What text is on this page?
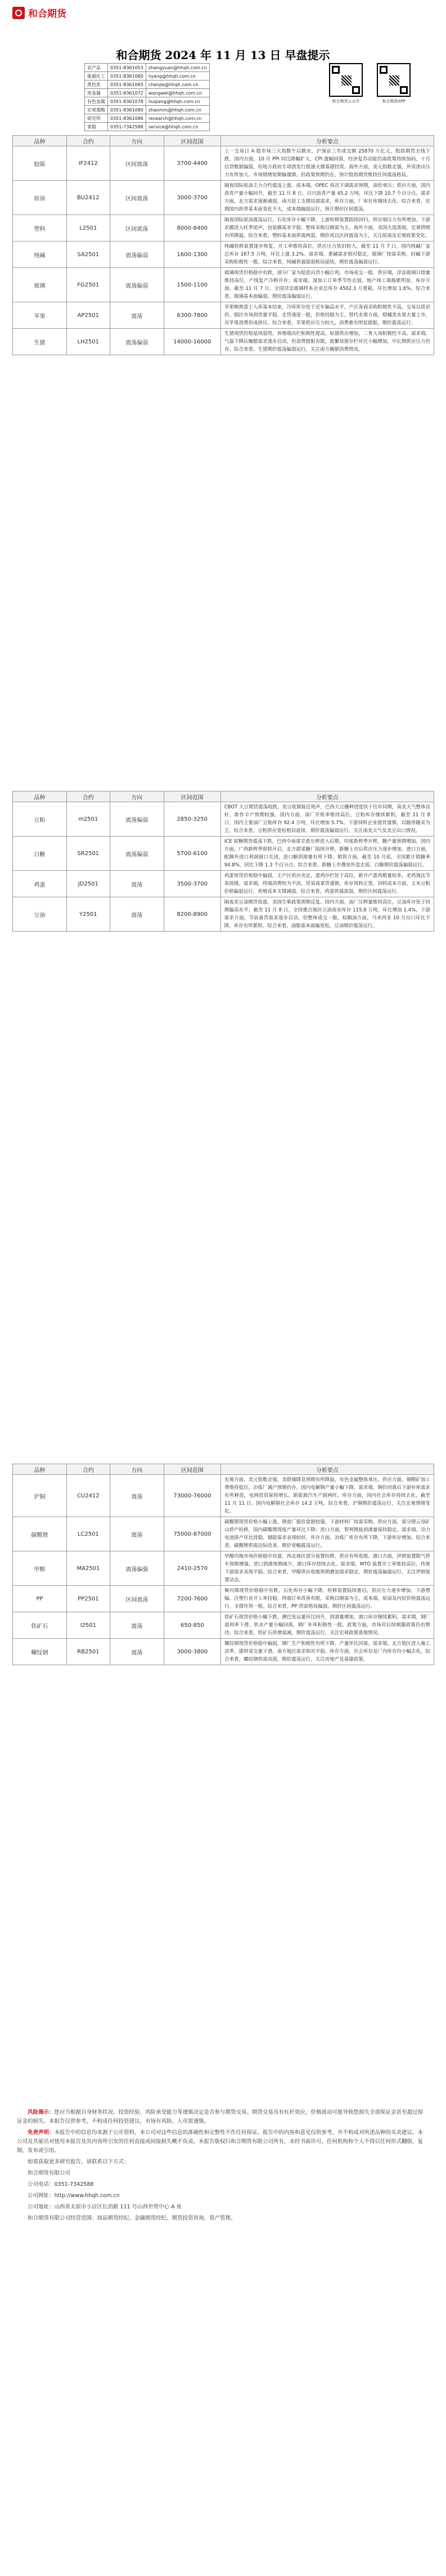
和合期货
和合期货 2024 年 11 月 13 日 早盘提示
农产品	0351-8361053	zhangyuan@hhqh.com.cn
能源化工	0351-8361060	liyang@hhqh.com.cn
黑色系	0351-8361065	chenjie@hhqh.com.cn
贵金属	0351-8361072	wangwei@hhqh.com.cn
有色金属	0351-8361078	liuqiang@hhqh.com.cn
宏观策略	0351-8361080	zhaomin@hhqh.com.cn
研究所	0351-8361086	research@hhqh.com.cn
客服	0351-7342588	service@hhqh.com.cn
和合期货公众号	和合期货APP
品种	合约	方向	区间范围	分析要点
胶版	IF2412	区间震荡	3700-4400	上一交易日 A 股市场三大指数午后跳水，沪深京三市成交额 25870 万亿元，股指期货全线下跌，国内方面，10 月 PPI 同比降幅扩大，CPI 涨幅回落，经济复苏动能仍需政策持续加码，十月信贷数据偏弱，但地方政府专项债发行提速支撑基建投资。海外方面，美元指数走强，外资流出压力有所加大。市场情绪短期偏谨慎，但政策预期仍在，预计股指期货维持区间震荡格局。
原油	BU2412	区间震荡	3000-3700	隔夜国际原油主力合约震荡上涨。成本端，OPEC 再次下调需求预期，油价承压；供应方面，国内沥青产量小幅回升，截至 11 月 8 日，百川沥青产量 45.2 万吨，环比下降 10.7 个百分点。需求方面，北方需求逐渐减弱，南方赶工支撑局部需求，库存方面，厂库社库继续去化。综合来看，近期国内沥青基本面变化不大，成本端偏弱运行，预计期价区间震荡。
塑料	L2501	区间震荡	8000-8400	隔夜国际原油震荡运行，石化库存小幅下降，上游检修装置陆续回归，供应端压力有所增加。下游农膜进入旺季尾声，包装膜需求平稳，整体采购以刚需为主。海外方面，美国大选落地，宏观情绪有所降温。综合来看，塑料基本面供需两弱，期价或以区间震荡为主，关注原油及宏观政策变化。
纯碱	SA2501	震荡偏弱	1600-1300	纯碱检修装置逐步恢复，开工率维持高位，供应压力依旧较大。截至 11 月 7 日，国内纯碱厂家总库存 167.5 万吨，环比上涨 3.2%。需求端，重碱需求相对稳定，玻璃厂按需采购，轻碱下游采购积极性一般。综合来看，纯碱供强需弱格局延续，期价震荡偏弱运行。
玻璃	FG2501	震荡偏弱	1500-1100	玻璃现货价格稳中有跌，部分厂家为促进出货小幅让利，市场成交一般。供应端，浮法玻璃日熔量维持高位，产线复产冷修并存；需求端，深加工订单季节性走弱，地产竣工端拖累明显。库存方面，截至 11 月 7 日，全国浮法玻璃样本企业总库存 4502.3 万重箱，环比增加 1.6%。综合来看，玻璃基本面偏弱，期价震荡偏弱运行。
苹果	AP2501	震荡	6300-7800	苹果晚熟富士入库基本结束，冷库库存处于近年偏高水平，产区客商采购积极性不高，交易以质论价。销区市场到货量平稳，走货速度一般，价格持稳为主。替代水果方面，柑橘类水果大量上市，对苹果消费形成挤压。综合来看，苹果供应压力较大，消费难有明显提振，期价震荡运行。
生猪	LH2501	震荡偏弱	14000-16000	生猪现货价格延续弱势，养殖端出栏积极性提高，标猪供应增加，二育入场积极性不高。需求端，气温下降后腌腊需求逐步启动，但消费提振有限。能繁母猪存栏环比小幅增加，中长期供应压力仍存。综合来看，生猪期价震荡偏弱运行，关注南方腌腊消费情况。
品种	合约	方向	区间范围	分析要点
豆粕	m2501	震荡偏弱	2850-3250	CBOT 大豆期货震荡收跌，美豆收割接近尾声，巴西大豆播种进度快于往年同期，南美天气整体良好，新作丰产预期较强。国内方面，油厂开机率维持高位，豆粕库存继续累积，截至 11 月 8 日，国内主要油厂豆粕库存 92.4 万吨，环比增加 5.7%。下游饲料企业提货谨慎，以随用随采为主。综合来看，豆粕供应宽松格局延续，期价震荡偏弱运行，关注南美天气及美豆出口情况。
白糖	SR2501	震荡偏弱	5700-6100	ICE 原糖期货震荡下跌，巴西中南部甘蔗压榨进入后期，印度新榨季开榨，糖产量预期增加。国内方面，广西新榨季即将开启，北方甜菜糖厂陆续开榨，新糖上市后供应压力逐步增加。进口方面，配额外进口利润窗口关闭，进口糖到港量有所下降。销售方面，截至 10 月底，全国累计销糖率 94.8%，同比下降 1.3 个百分点。综合来看，新糖上市叠加外盘走弱，白糖期价震荡偏弱运行。
鸡蛋	JD2501	震荡	3500-3700	鸡蛋现货价格稳中偏弱，主产区供应充足，蛋鸡存栏处于高位，新开产蛋鸡数量较多，老鸡淘汰节奏放缓。需求端，终端消费较为平淡，贸易商拿货谨慎，库存周转正常。饲料成本方面，玉米豆粕价格偏弱运行，养殖成本支撑减弱。综合来看，鸡蛋供强需弱，期价区间震荡运行。
豆油	Y2501	震荡	8200-8900	隔夜美豆油期货收涨，美国生柴政策预期反复。国内方面，油厂压榨量维持高位，豆油库存处于同期偏高水平，截至 11 月 8 日，全国重点地区豆油商业库存 115.8 万吨，环比增加 1.4%。下游需求方面，节前备货需求逐步启动，但整体成交一般。棕榈油方面，马来西亚 10 月出口环比下降，库存有所累积。综合来看，油脂基本面偏宽松，豆油期价震荡运行。
品种	合约	方向	区间范围	分析要点
沪铜	CU2412	震荡	73000-76000	宏观方面，美元指数走强，美联储降息预期有所降温，有色金属整体承压。供应方面，铜精矿加工费维持低位，冶炼厂减产预期仍存，国内电解铜产量小幅下降。需求端，铜价回落后下游补库需求有所释放，电网投资保持增长，新能源汽车产销两旺。库存方面，国内社会库存持续去化，截至 11 月 11 日，国内电解铜社会库存 14.2 万吨。综合来看，沪铜期价震荡运行，关注宏观情绪变化。
碳酸锂	LC2501	震荡	75000-87000	碳酸锂现货价格小幅上涨，锂盐厂挺价意愿较强，下游材料厂按需采购。供应方面，部分锂云母矿山停产检修，国内碳酸锂周度产量环比下降；进口方面，智利锂盐到港量保持稳定。需求端，动力电池排产环比持稳，储能需求表现较好。库存方面，冶炼厂库存有所下降，下游库存增加。综合来看，碳酸锂供需边际改善，期价宽幅震荡运行。
甲醇	MA2501	震荡偏强	2410-2570	甲醇内地市场价格稳中有涨，西北地区部分装置检修，供应有所收缩。港口方面，伊朗装置限气停车预期增强，进口到港预期减少，港口库存持续去化。需求端，MTO 装置开工率维持高位，传统下游需求表现平稳。综合来看，甲醇供应收缩预期叠加需求稳定，期价震荡偏强运行，关注伊朗装置动态。
PP	PP2501	区间震荡	7200-7600	聚丙烯现货价格稳中有跌，石化库存小幅下降，检修装置陆续重启，供应压力逐步增加。下游塑编、注塑行业开工率持稳，终端订单改善有限，采购以刚需为主。成本端，原油及丙烷价格震荡运行，支撑作用一般。综合来看，PP 供需格局偏弱，期价区间震荡运行。
铁矿石	I2501	震荡	650-850	铁矿石现货价格小幅下跌，澳巴发运量环比回升，到港量增加，港口库存继续累积。需求端，钢厂盈利率下滑，铁水产量小幅回落，钢厂补库积极性一般。政策方面，市场对后续刺激政策仍有期待。综合来看，铁矿石供增需减，期价震荡运行，关注宏观政策落地情况。
螺纹钢	RB2501	震荡	3000-3800	螺纹钢现货价格稳中偏弱，钢厂生产积极性有所下降，产量环比回落。需求端，北方地区进入施工淡季，建材成交量下滑，南方地区需求相对平稳。库存方面，社会库存及厂内库存均小幅去化。综合来看，螺纹钢供需双弱，期价震荡运行，关注房地产及基建政策。

风险揭示：您应当根据自身财务状况、投资经验、风险承受能力等谨慎决定是否参与期货交易。期货交易具有杠杆效应，价格波动可能导致您损失全部保证金甚至超过保证金的损失。本报告仅供参考，不构成任何投资建议，市场有风险，入市需谨慎。

免责声明：本报告中的信息均来源于公开资料，本公司对这些信息的准确性和完整性不作任何保证。报告中的内容和意见仅供参考，并不构成对所述品种的买卖建议。本公司及其雇员对使用本报告及其内容所引发的任何直接或间接损失概不负责。本报告版权归和合期货有限公司所有，未经书面许可，任何机构和个人不得以任何形式翻版、复制、发布或引用。

如需获取更多研究报告，请联系以下方式：

和合期货有限公司

公司电话：0351-7342588

公司网址：http://www.hhqh.com.cn

公司地址：山西省太原市小店区长治路 111 号山西世贸中心 A 座

和合期货有限公司经营范围：商品期货经纪、金融期货经纪、期货投资咨询、资产管理。
